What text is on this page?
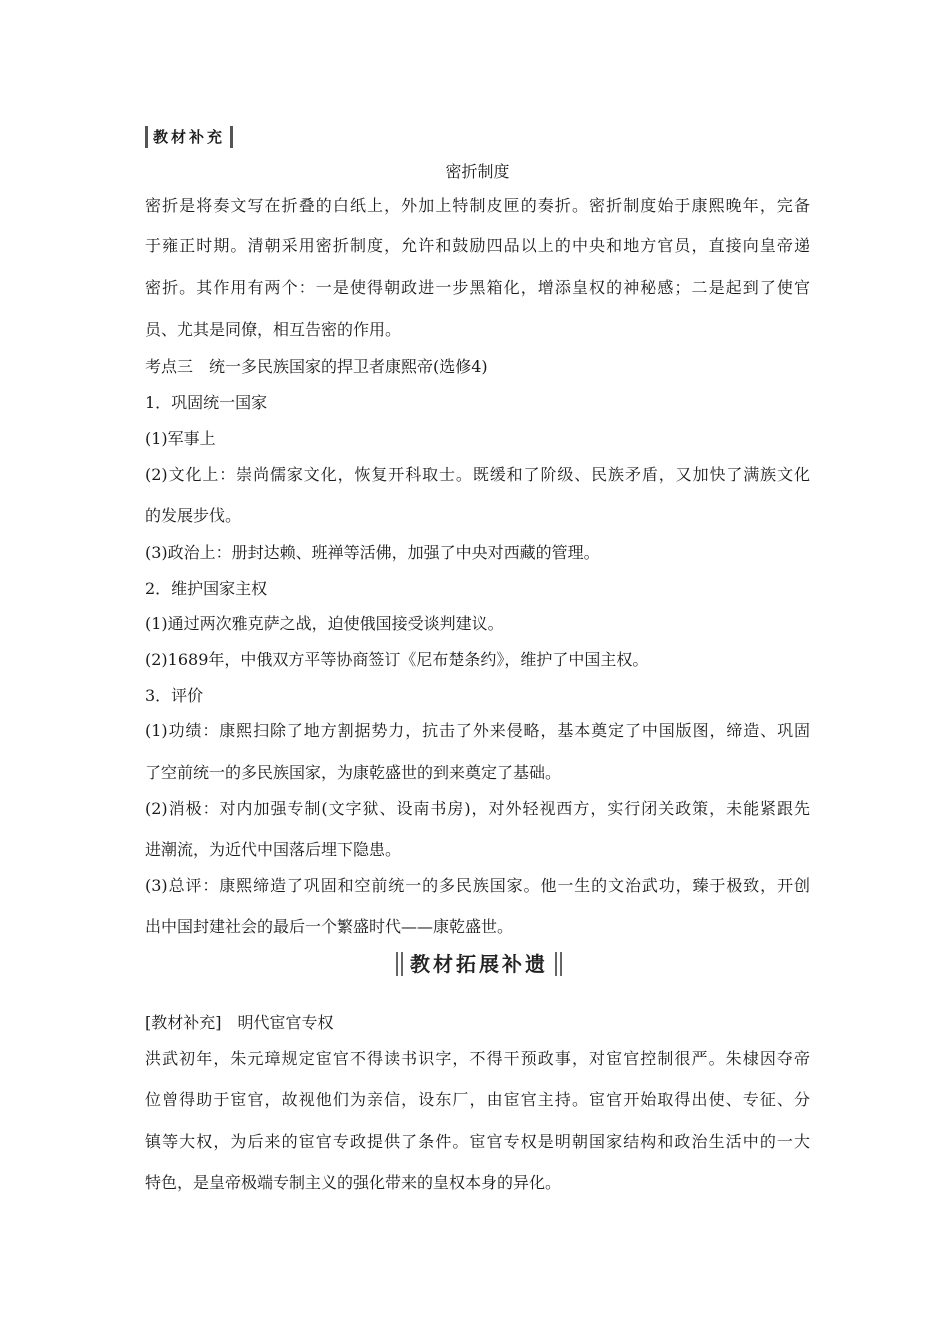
教材补充
密折制度
密折是将奏文写在折叠的白纸上，外加上特制皮匣的奏折。密折制度始于康熙晚年，完备
于雍正时期。清朝采用密折制度，允许和鼓励四品以上的中央和地方官员，直接向皇帝递
密折。其作用有两个：一是使得朝政进一步黑箱化，增添皇权的神秘感；二是起到了使官
员、尤其是同僚，相互告密的作用。
考点三　统一多民族国家的捍卫者康熙帝(选修4)
1．巩固统一国家
(1)军事上
(2)文化上：崇尚儒家文化，恢复开科取士。既缓和了阶级、民族矛盾，又加快了满族文化
的发展步伐。
(3)政治上：册封达赖、班禅等活佛，加强了中央对西藏的管理。
2．维护国家主权
(1)通过两次雅克萨之战，迫使俄国接受谈判建议。
(2)1689年，中俄双方平等协商签订《尼布楚条约》，维护了中国主权。
3．评价
(1)功绩：康熙扫除了地方割据势力，抗击了外来侵略，基本奠定了中国版图，缔造、巩固
了空前统一的多民族国家，为康乾盛世的到来奠定了基础。
(2)消极：对内加强专制(文字狱、设南书房)，对外轻视西方，实行闭关政策，未能紧跟先
进潮流，为近代中国落后埋下隐患。
(3)总评：康熙缔造了巩固和空前统一的多民族国家。他一生的文治武功，臻于极致，开创
出中国封建社会的最后一个繁盛时代——康乾盛世。
教材拓展补遗
[教材补充]　明代宦官专权
洪武初年，朱元璋规定宦官不得读书识字，不得干预政事，对宦官控制很严。朱棣因夺帝
位曾得助于宦官，故视他们为亲信，设东厂，由宦官主持。宦官开始取得出使、专征、分
镇等大权，为后来的宦官专政提供了条件。宦官专权是明朝国家结构和政治生活中的一大
特色，是皇帝极端专制主义的强化带来的皇权本身的异化。
